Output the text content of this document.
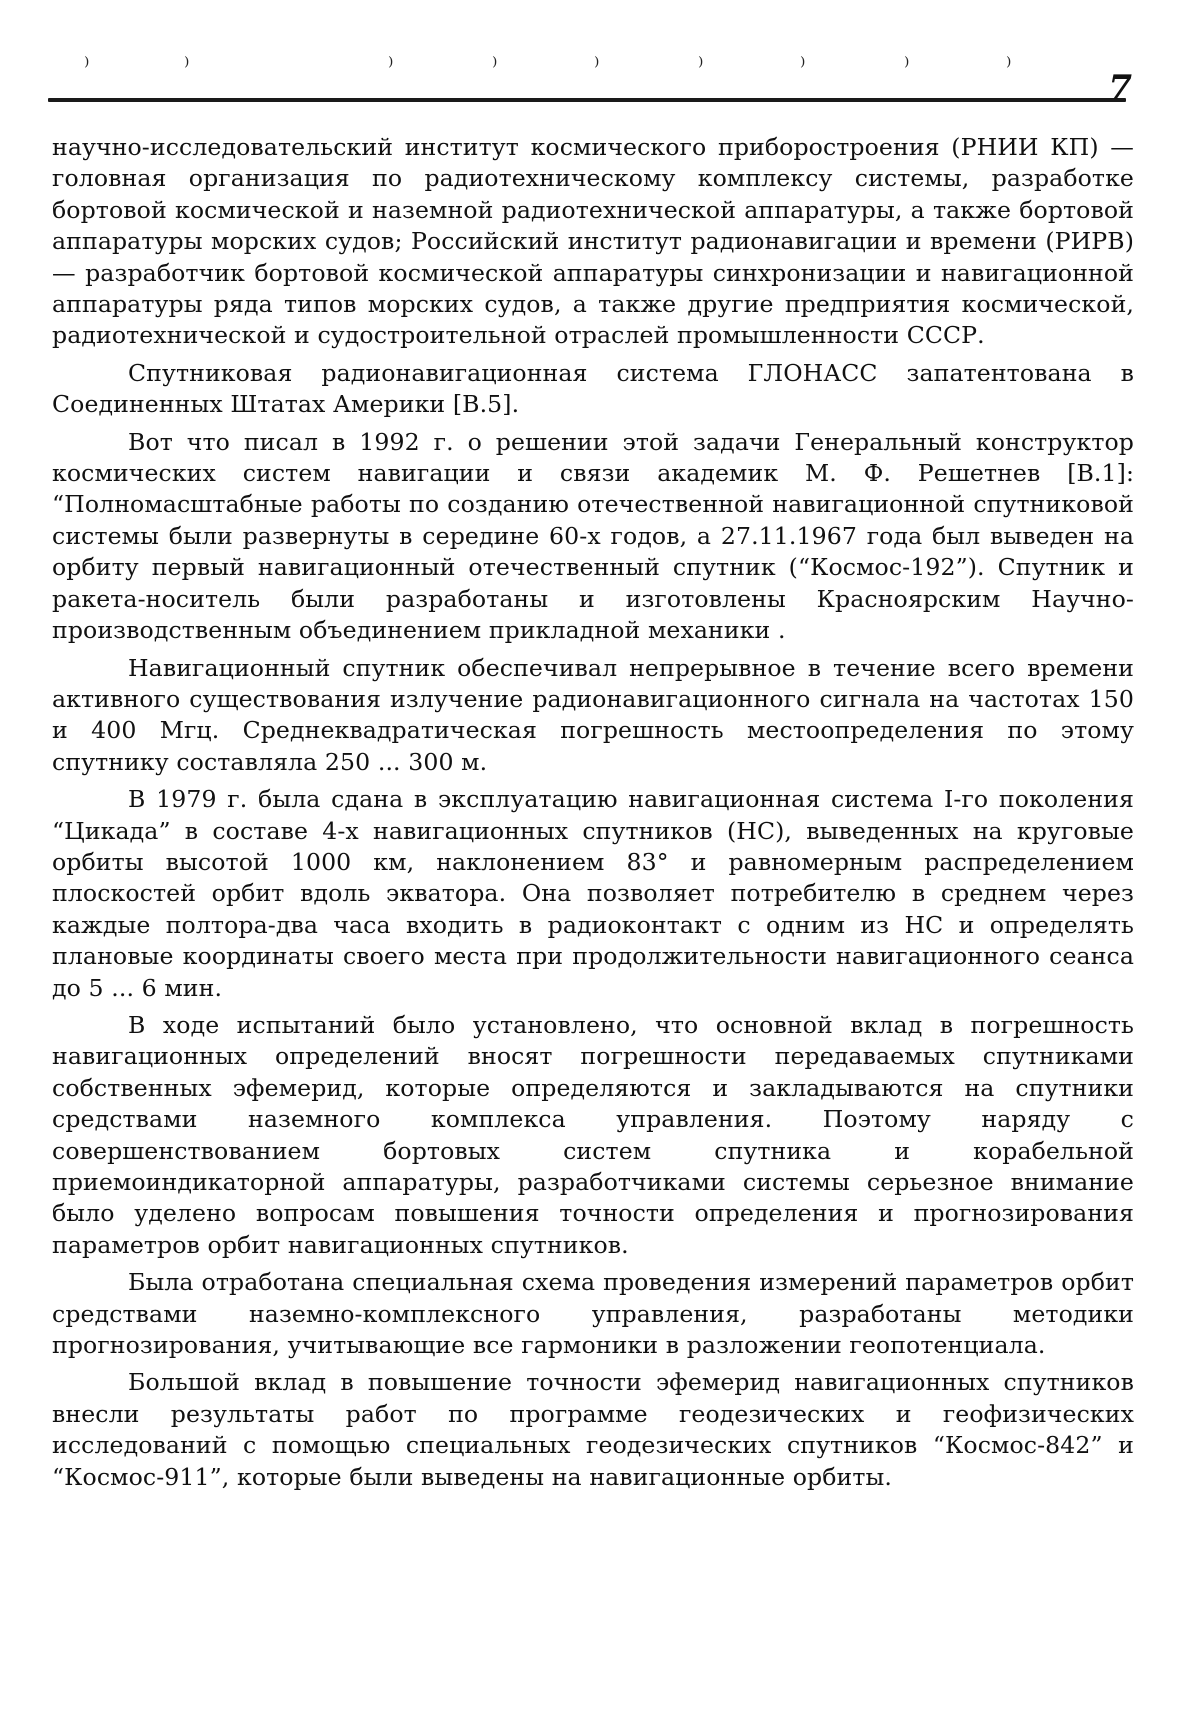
⁾	⁾	⁾	⁾	⁾	⁾	⁾	⁾	⁾
7

научно-исследовательский институт космического приборостроения (РНИИ КП) — головная организация по радиотехническому комплексу системы, разработке бортовой космической и наземной радиотехнической аппаратуры, а также бортовой аппаратуры морских судов; Российский институт радионавигации и времени (РИРВ) — разработчик бортовой космической аппаратуры синхронизации и навигационной аппаратуры ряда типов морских судов, а также другие предприятия космической, радиотехнической и судостроительной отраслей промышленности СССР.

Спутниковая радионавигационная система ГЛОНАСС запатентована в Соединенных Штатах Америки [В.5].

Вот что писал в 1992 г. о решении этой задачи Генеральный конструктор космических систем навигации и связи академик М. Ф. Решетнев [В.1]: “Полномасштабные работы по созданию отечественной навигационной спутниковой системы были развернуты в середине 60-х годов, а 27.11.1967 года был выведен на орбиту первый навигационный отечественный спутник (“Космос-192”). Спутник и ракета-носитель были разработаны и изготовлены Красноярским Научно-производственным объединением прикладной механики .

Навигационный спутник обеспечивал непрерывное в течение всего времени активного существования излучение радионавигационного сигнала на частотах 150 и 400 Мгц. Среднеквадратическая погрешность местоопределения по этому спутнику составляла 250 ... 300 м.

В 1979 г. была сдана в эксплуатацию навигационная система I-го поколения “Цикада” в составе 4-х навигационных спутников (НС), выведенных на круговые орбиты высотой 1000 км, наклонением 83° и равномерным распределением плоскостей орбит вдоль экватора. Она позволяет потребителю в среднем через каждые полтора-два часа входить в радиоконтакт с одним из НС и определять плановые координаты своего места при продолжительности навигационного сеанса до 5 ... 6 мин.

В ходе испытаний было установлено, что основной вклад в погрешность навигационных определений вносят погрешности передаваемых спутниками собственных эфемерид, которые определяются и закладываются на спутники средствами наземного комплекса управления. Поэтому наряду с совершенствованием бортовых систем спутника и корабельной приемоиндикаторной аппаратуры, разработчиками системы серьезное внимание было уделено вопросам повышения точности определения и прогнозирования параметров орбит навигационных спутников.

Была отработана специальная схема проведения измерений параметров орбит средствами наземно-комплексного управления, разработаны методики прогнозирования, учитывающие все гармоники в разложении геопотенциала.

Большой вклад в повышение точности эфемерид навигационных спутников внесли результаты работ по программе геодезических и геофизических исследований с помощью специальных геодезических спутников “Космос-842” и “Космос-911”, которые были выведены на навигационные орбиты.
